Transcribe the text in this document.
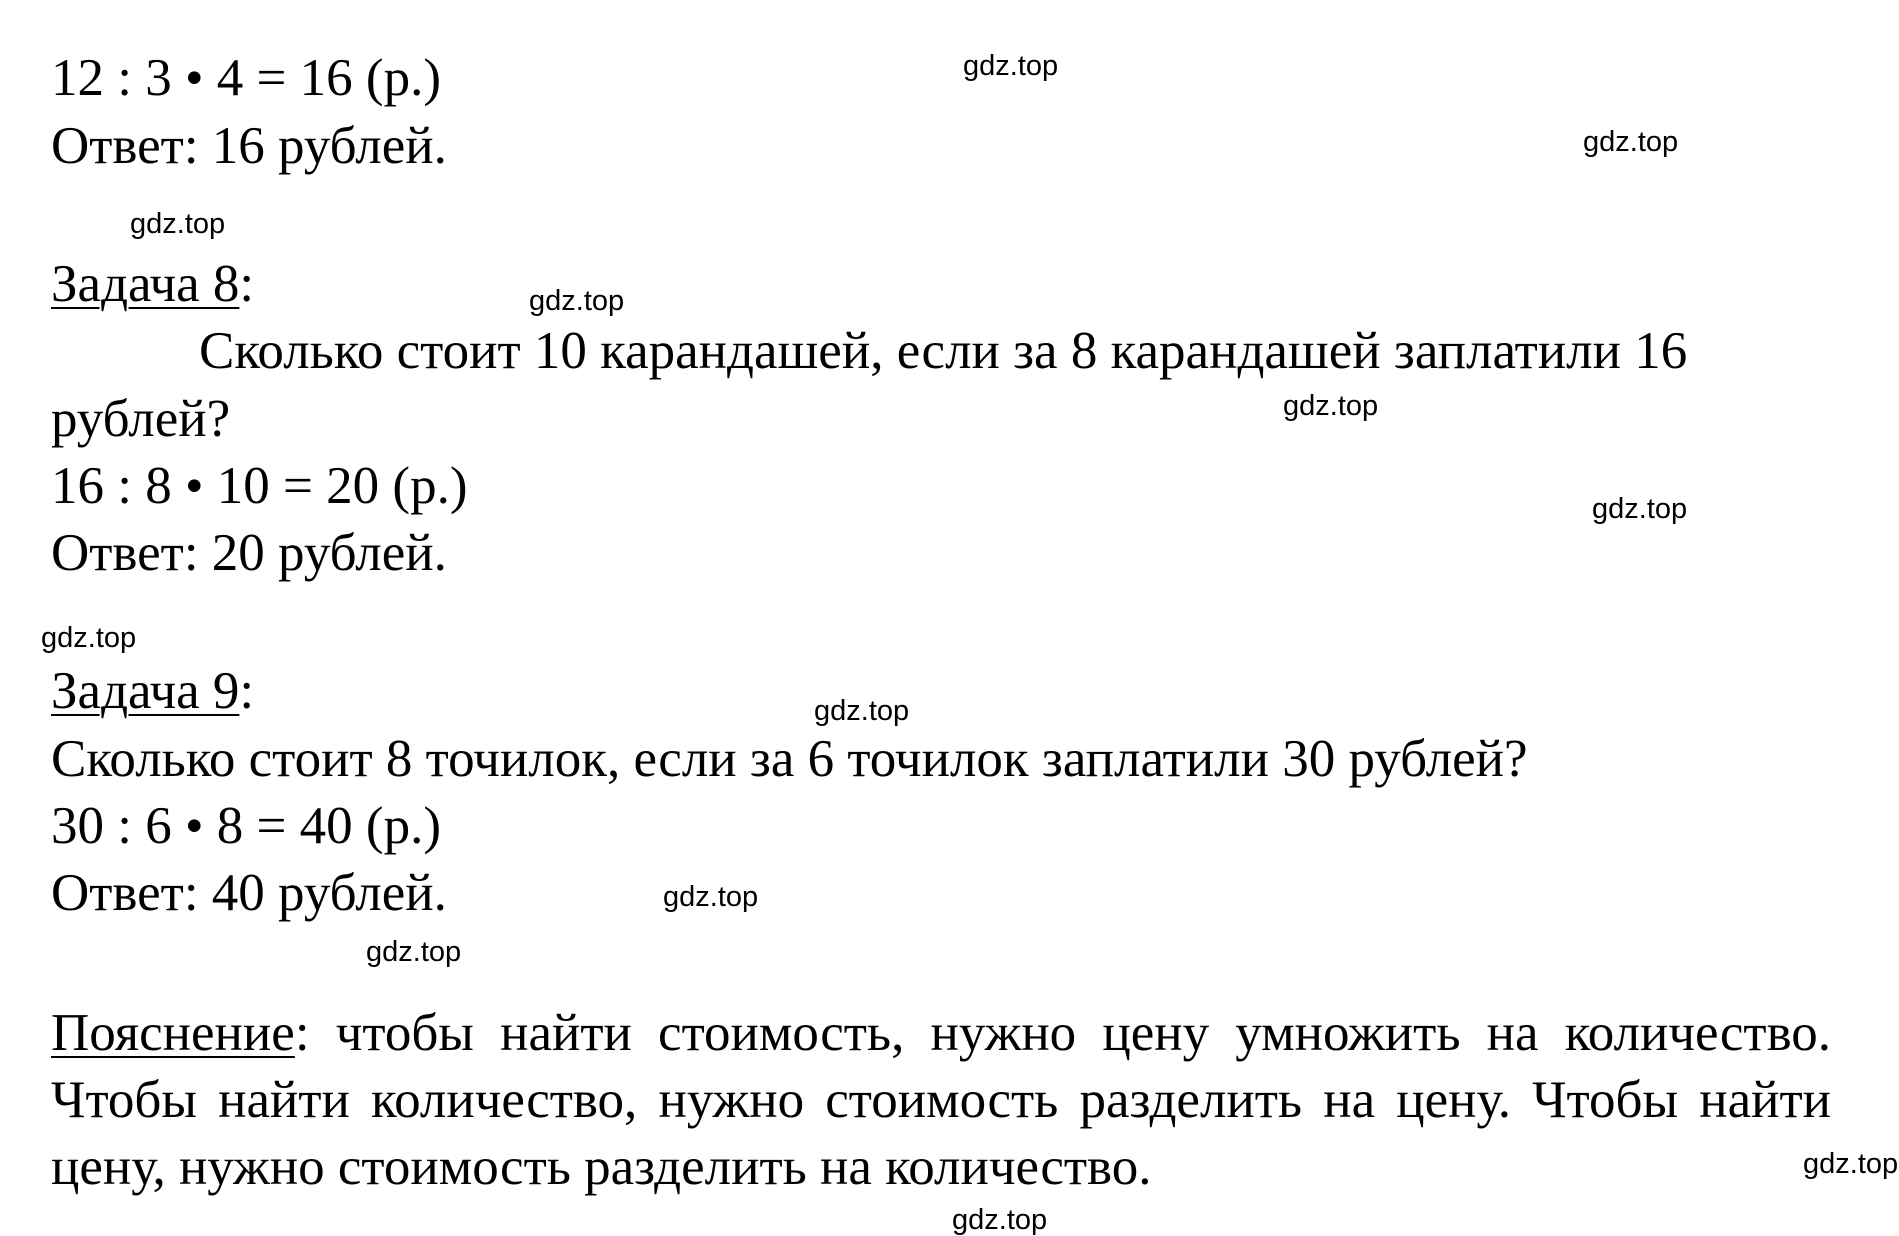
12 : 3 • 4 = 16 (р.)
Ответ: 16 рублей.
Задача 8:
Сколько стоит 10 карандашей, если за 8 карандашей заплатили 16
рублей?
16 : 8 • 10 = 20 (р.)
Ответ: 20 рублей.
Задача 9:
Сколько стоит 8 точилок, если за 6 точилок заплатили 30 рублей?
30 : 6 • 8 = 40 (р.)
Ответ: 40 рублей.
Пояснение: чтобы найти стоимость, нужно цену умножить на количество. Чтобы найти количество, нужно стоимость разделить на цену. Чтобы найти цену, нужно стоимость разделить на количество.
gdz.top
gdz.top
gdz.top
gdz.top
gdz.top
gdz.top
gdz.top
gdz.top
gdz.top
gdz.top
gdz.top
gdz.top
